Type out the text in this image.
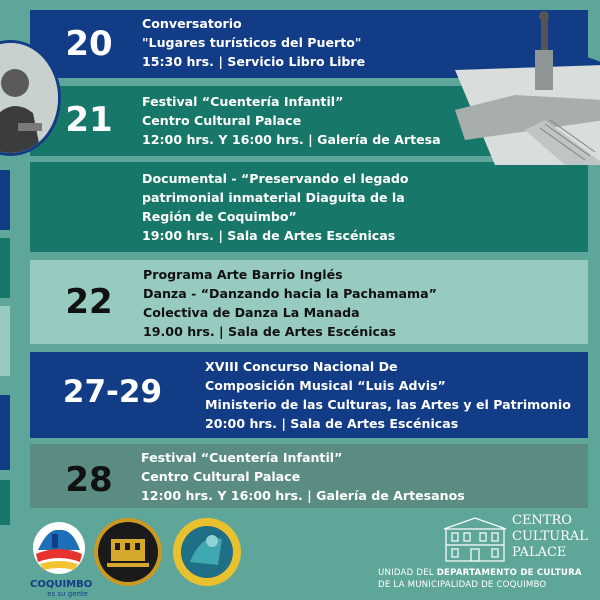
20
Conversatorio
"Lugares turísticos del Puerto"
15:30 hrs. | Servicio Libro Libre
21	Festival “Cuentería Infantil”
Centro Cultural Palace
12:00 hrs. Y 16:00 hrs. | Galería de Artesa
Documental - “Preservando el legado
patrimonial inmaterial Diaguita de la
Región de Coquimbo”
19:00 hrs. | Sala de Artes Escénicas
22
Programa Arte Barrio Inglés
Danza - “Danzando hacia la Pachamama”
Colectiva de Danza La Manada
19.00 hrs. | Sala de Artes Escénicas
27-29
XVIII Concurso Nacional De
Composición Musical “Luis Advis”
Ministerio de las Culturas, las Artes y el Patrimonio
20:00 hrs. | Sala de Artes Escénicas
28
Festival “Cuentería Infantil”
Centro Cultural Palace
12:00 hrs. Y 16:00 hrs. | Galería de Artesanos
COQUIMBO
es su gente
CENTRO
CULTURAL
PALACE
UNIDAD DEL DEPARTAMENTO DE CULTURA
DE LA MUNICIPALIDAD DE COQUIMBO
